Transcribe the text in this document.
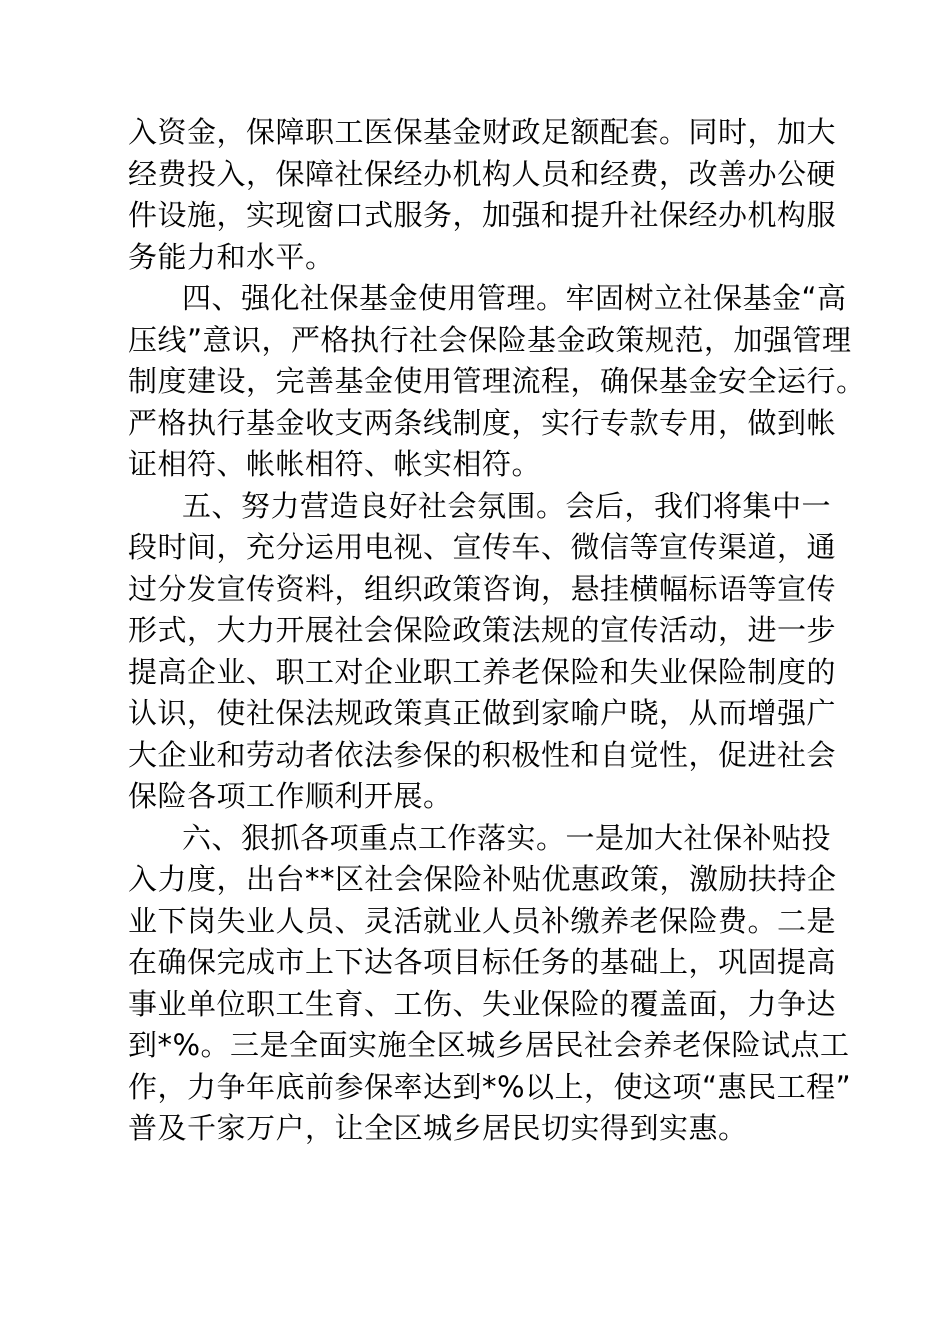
入资金，保障职工医保基金财政足额配套。同时，加大
经费投入，保障社保经办机构人员和经费，改善办公硬
件设施，实现窗口式服务，加强和提升社保经办机构服
务能力和水平。
四、强化社保基金使用管理。牢固树立社保基金“高
压线”意识，严格执行社会保险基金政策规范，加强管理
制度建设，完善基金使用管理流程，确保基金安全运行。
严格执行基金收支两条线制度，实行专款专用，做到帐
证相符、帐帐相符、帐实相符。
五、努力营造良好社会氛围。会后，我们将集中一
段时间，充分运用电视、宣传车、微信等宣传渠道，通
过分发宣传资料，组织政策咨询，悬挂横幅标语等宣传
形式，大力开展社会保险政策法规的宣传活动，进一步
提高企业、职工对企业职工养老保险和失业保险制度的
认识，使社保法规政策真正做到家喻户晓，从而增强广
大企业和劳动者依法参保的积极性和自觉性，促进社会
保险各项工作顺利开展。
六、狠抓各项重点工作落实。一是加大社保补贴投
入力度，出台**区社会保险补贴优惠政策，激励扶持企
业下岗失业人员、灵活就业人员补缴养老保险费。二是
在确保完成市上下达各项目标任务的基础上，巩固提高
事业单位职工生育、工伤、失业保险的覆盖面，力争达
到*%。三是全面实施全区城乡居民社会养老保险试点工
作，力争年底前参保率达到*%以上，使这项“惠民工程”
普及千家万户，让全区城乡居民切实得到实惠。
